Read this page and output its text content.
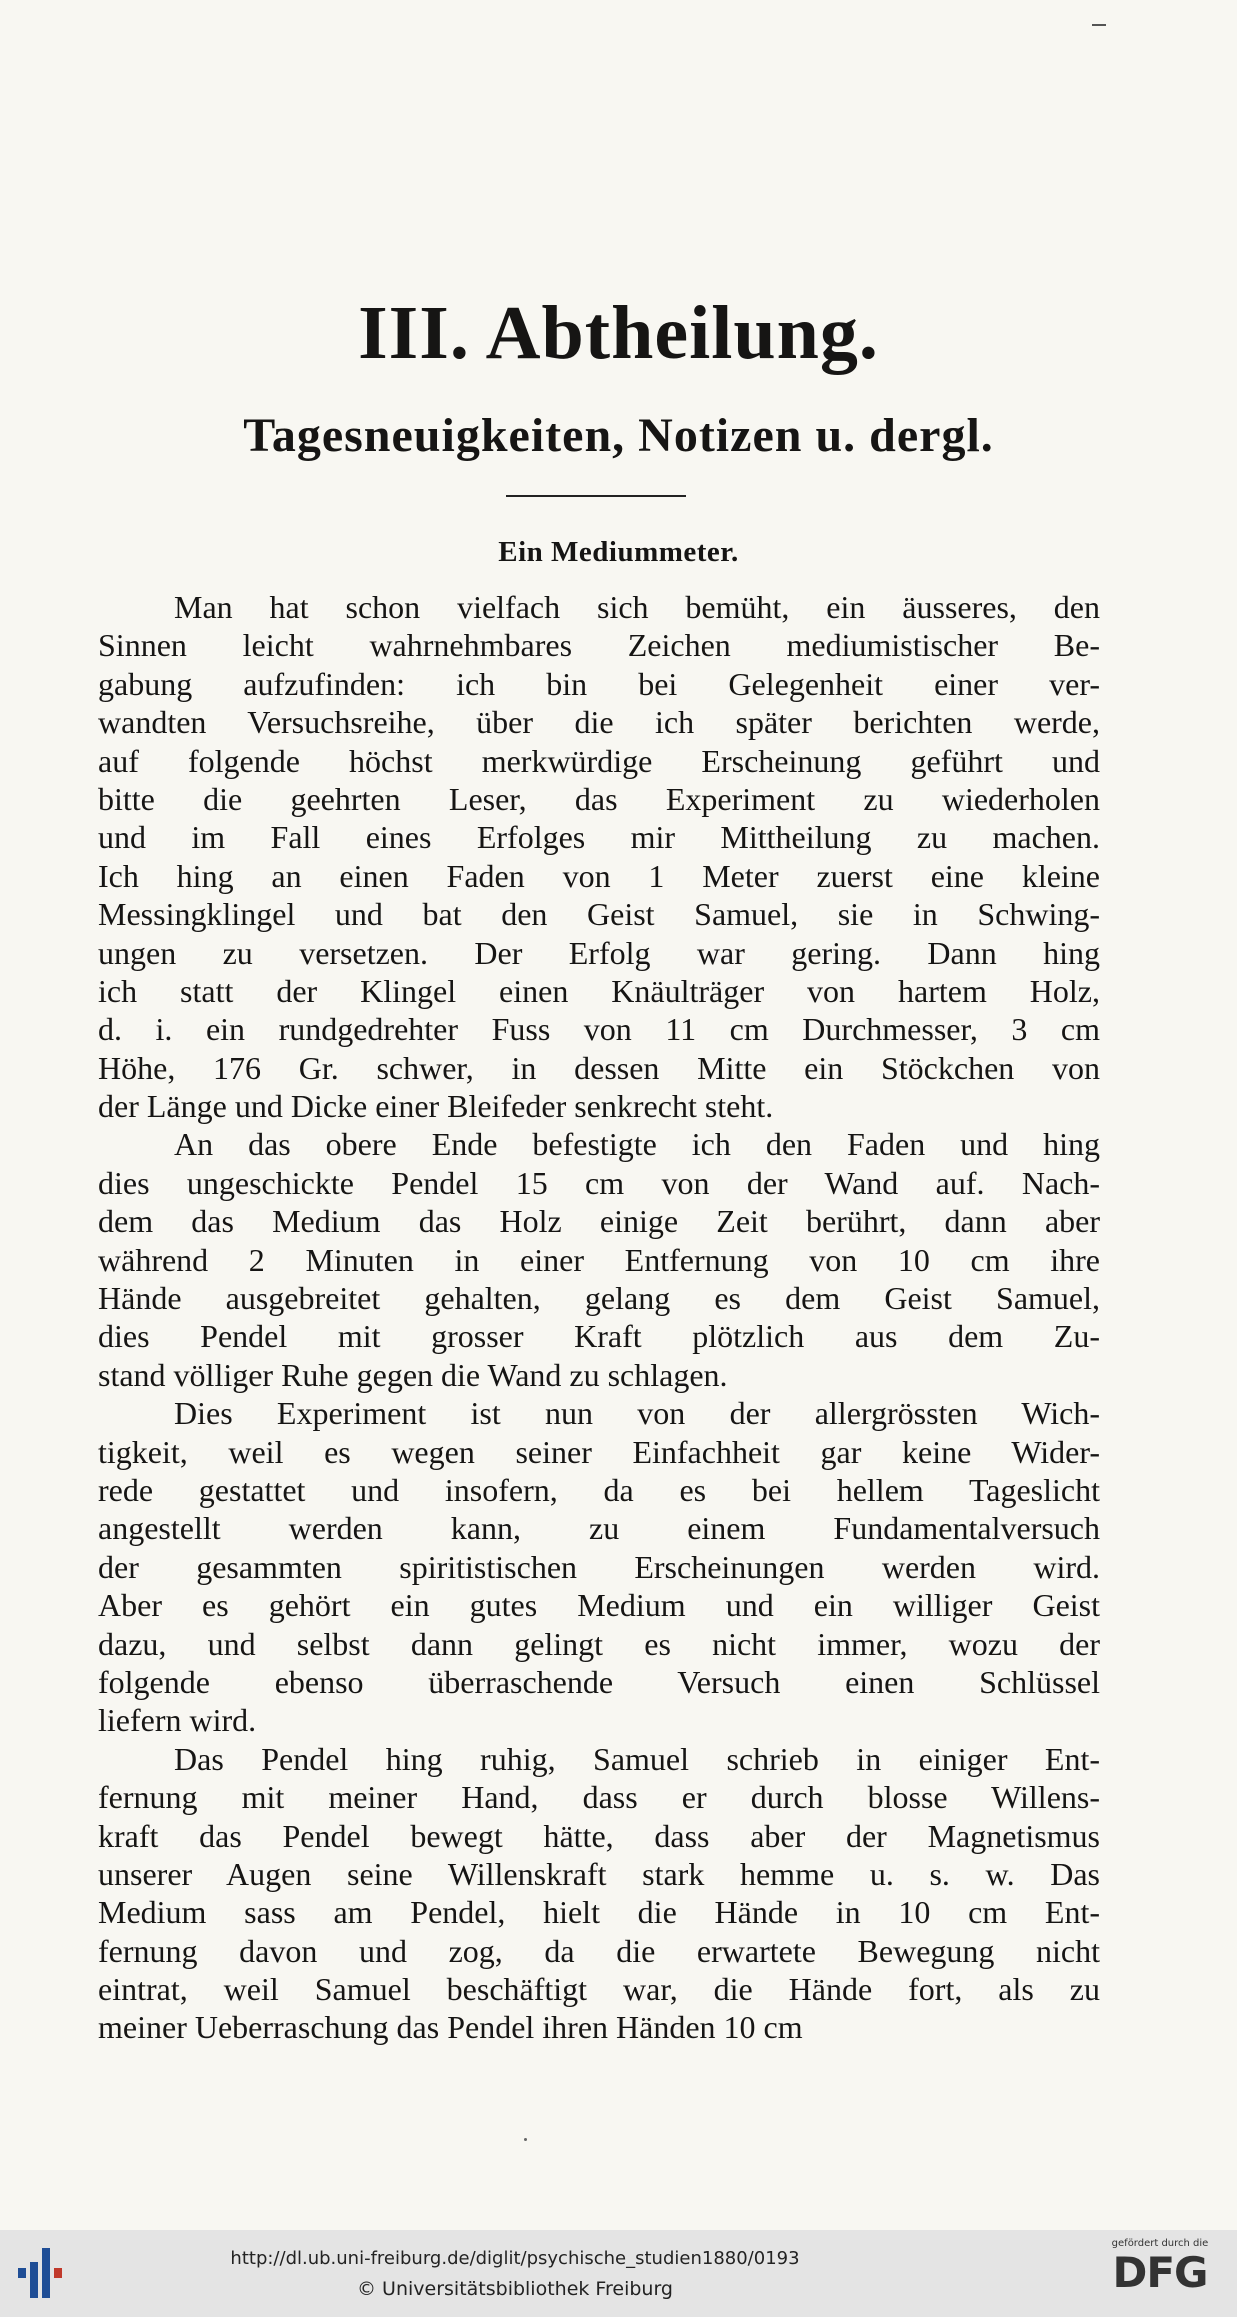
III. Abtheilung.
Tagesneuigkeiten, Notizen u. dergl.
Ein Mediummeter.
Man hat schon vielfach sich bemüht, ein äusseres, den
Sinnen leicht wahrnehmbares Zeichen mediumistischer Be-
gabung aufzufinden: ich bin bei Gelegenheit einer ver-
wandten Versuchsreihe, über die ich später berichten werde,
auf folgende höchst merkwürdige Erscheinung geführt und
bitte die geehrten Leser, das Experiment zu wiederholen
und im Fall eines Erfolges mir Mittheilung zu machen.
Ich hing an einen Faden von 1 Meter zuerst eine kleine
Messingklingel und bat den Geist Samuel, sie in Schwing-
ungen zu versetzen. Der Erfolg war gering. Dann hing
ich statt der Klingel einen Knäulträger von hartem Holz,
d. i. ein rundgedrehter Fuss von 11 cm Durchmesser, 3 cm
Höhe, 176 Gr. schwer, in dessen Mitte ein Stöckchen von
der Länge und Dicke einer Bleifeder senkrecht steht.
An das obere Ende befestigte ich den Faden und hing
dies ungeschickte Pendel 15 cm von der Wand auf. Nach-
dem das Medium das Holz einige Zeit berührt, dann aber
während 2 Minuten in einer Entfernung von 10 cm ihre
Hände ausgebreitet gehalten, gelang es dem Geist Samuel,
dies Pendel mit grosser Kraft plötzlich aus dem Zu-
stand völliger Ruhe gegen die Wand zu schlagen.
Dies Experiment ist nun von der allergrössten Wich-
tigkeit, weil es wegen seiner Einfachheit gar keine Wider-
rede gestattet und insofern, da es bei hellem Tageslicht
angestellt werden kann, zu einem Fundamentalversuch
der gesammten spiritistischen Erscheinungen werden wird.
Aber es gehört ein gutes Medium und ein williger Geist
dazu, und selbst dann gelingt es nicht immer, wozu der
folgende ebenso überraschende Versuch einen Schlüssel
liefern wird.
Das Pendel hing ruhig, Samuel schrieb in einiger Ent-
fernung mit meiner Hand, dass er durch blosse Willens-
kraft das Pendel bewegt hätte, dass aber der Magnetismus
unserer Augen seine Willenskraft stark hemme u. s. w. Das
Medium sass am Pendel, hielt die Hände in 10 cm Ent-
fernung davon und zog, da die erwartete Bewegung nicht
eintrat, weil Samuel beschäftigt war, die Hände fort, als zu
meiner Ueberraschung das Pendel ihren Händen 10 cm
http://dl.ub.uni-freiburg.de/diglit/psychische_studien1880/0193
© Universitätsbibliothek Freiburg
gefördert durch die
DFG
